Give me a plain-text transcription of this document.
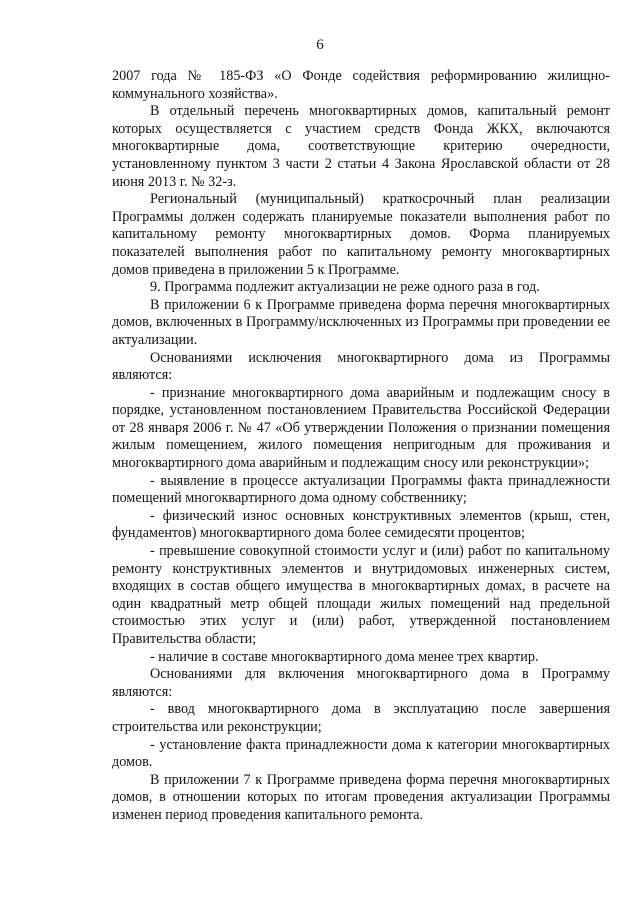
6

2007 года № 185-ФЗ «О Фонде содействия реформированию жилищно-коммунального хозяйства».

В отдельный перечень многоквартирных домов, капитальный ремонт которых осуществляется с участием средств Фонда ЖКХ, включаются многоквартирные дома, соответствующие критерию очередности, установленному пунктом 3 части 2 статьи 4 Закона Ярославской области от 28 июня 2013 г. № 32-з.

Региональный (муниципальный) краткосрочный план реализации Программы должен содержать планируемые показатели выполнения работ по капитальному ремонту многоквартирных домов. Форма планируемых показателей выполнения работ по капитальному ремонту многоквартирных домов приведена в приложении 5 к Программе.

9. Программа подлежит актуализации не реже одного раза в год.

В приложении 6 к Программе приведена форма перечня многоквартирных домов, включенных в Программу/исключенных из Программы при проведении ее актуализации.

Основаниями исключения многоквартирного дома из Программы являются:

- признание многоквартирного дома аварийным и подлежащим сносу в порядке, установленном постановлением Правительства Российской Федерации от 28 января 2006 г. № 47 «Об утверждении Положения о признании помещения жилым помещением, жилого помещения непригодным для проживания и многоквартирного дома аварийным и подлежащим сносу или реконструкции»;

- выявление в процессе актуализации Программы факта принадлежности помещений многоквартирного дома одному собственнику;

- физический износ основных конструктивных элементов (крыш, стен, фундаментов) многоквартирного дома более семидесяти процентов;

- превышение совокупной стоимости услуг и (или) работ по капитальному ремонту конструктивных элементов и внутридомовых инженерных систем, входящих в состав общего имущества в многоквартирных домах, в расчете на один квадратный метр общей площади жилых помещений над предельной стоимостью этих услуг и (или) работ, утвержденной постановлением Правительства области;

- наличие в составе многоквартирного дома менее трех квартир.

Основаниями для включения многоквартирного дома в Программу являются:

- ввод многоквартирного дома в эксплуатацию после завершения строительства или реконструкции;

- установление факта принадлежности дома к категории многоквартирных домов.

В приложении 7 к Программе приведена форма перечня многоквартирных домов, в отношении которых по итогам проведения актуализации Программы изменен период проведения капитального ремонта.
